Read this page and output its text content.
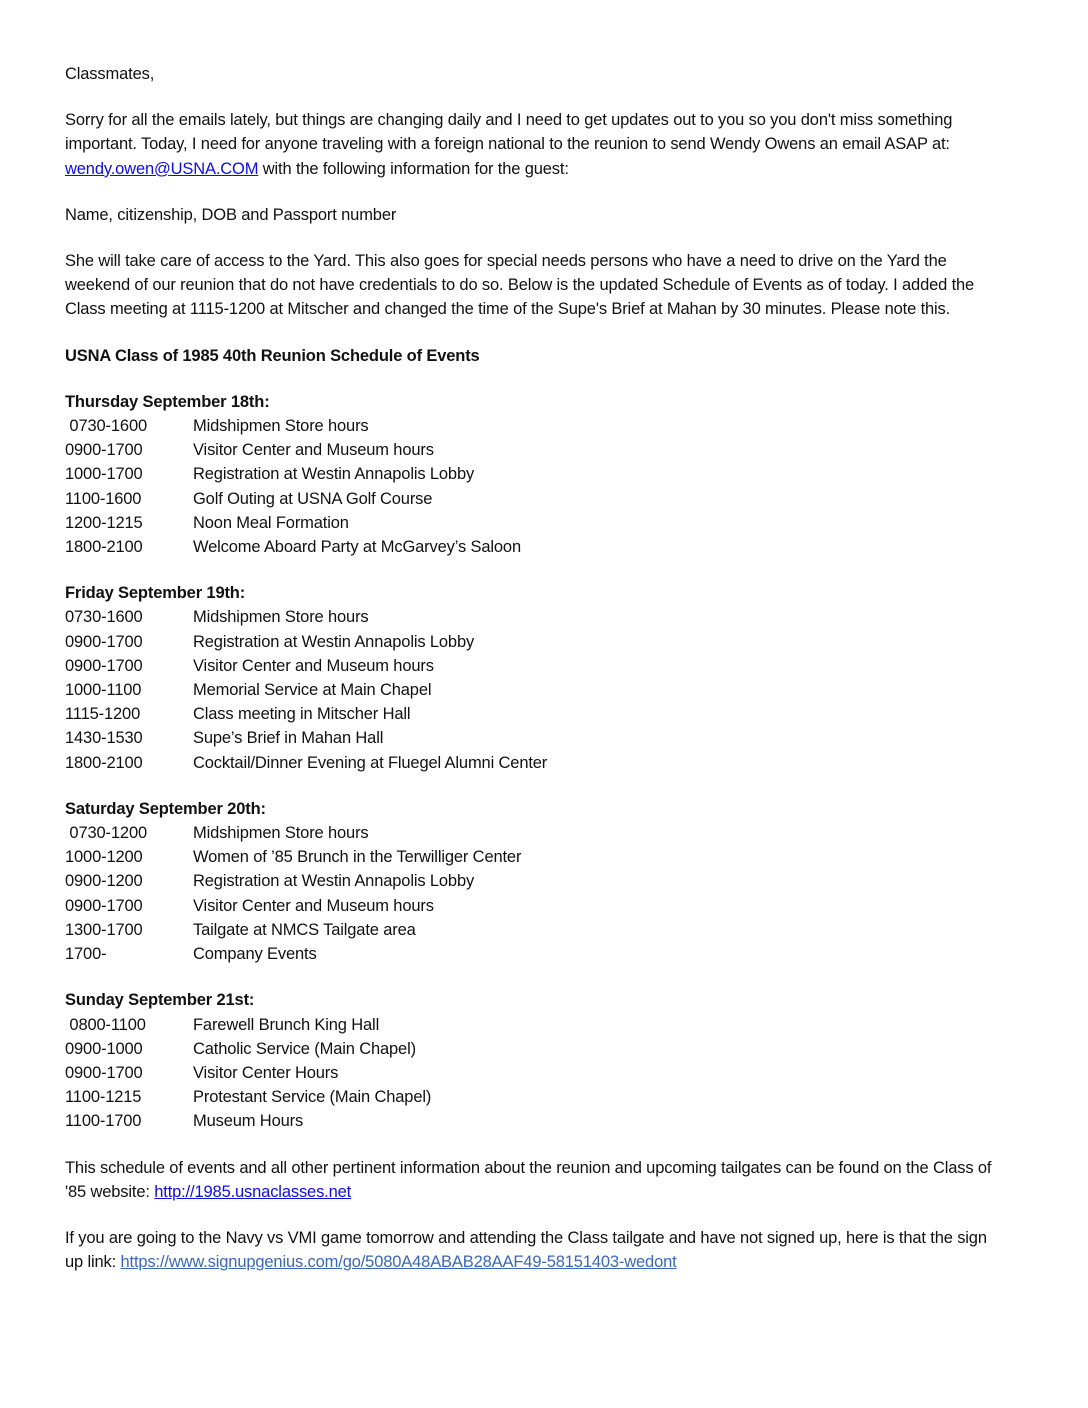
Classmates,

Sorry for all the emails lately, but things are changing daily and I need to get updates out to you so you don't miss something important. Today, I need for anyone traveling with a foreign national to the reunion to send Wendy Owens an email ASAP at: wendy.owen@USNA.COM with the following information for the guest:

Name, citizenship, DOB and Passport number

She will take care of access to the Yard. This also goes for special needs persons who have a need to drive on the Yard the weekend of our reunion that do not have credentials to do so. Below is the updated Schedule of Events as of today. I added the Class meeting at 1115-1200 at Mitscher and changed the time of the Supe's Brief at Mahan by 30 minutes. Please note this.

USNA Class of 1985 40th Reunion Schedule of Events

Thursday September 18th:
0730-1600	Midshipmen Store hours
0900-1700	Visitor Center and Museum hours
1000-1700	Registration at Westin Annapolis Lobby
1100-1600	Golf Outing at USNA Golf Course
1200-1215	Noon Meal Formation
1800-2100	Welcome Aboard Party at McGarvey’s Saloon
Friday September 19th:
0730-1600	Midshipmen Store hours
0900-1700	Registration at Westin Annapolis Lobby
0900-1700	Visitor Center and Museum hours
1000-1100	Memorial Service at Main Chapel
1115-1200	Class meeting in Mitscher Hall
1430-1530	Supe’s Brief in Mahan Hall
1800-2100	Cocktail/Dinner Evening at Fluegel Alumni Center
Saturday September 20th:
0730-1200	Midshipmen Store hours
1000-1200	Women of ’85 Brunch in the Terwilliger Center
0900-1200	Registration at Westin Annapolis Lobby
0900-1700	Visitor Center and Museum hours
1300-1700	Tailgate at NMCS Tailgate area
1700-	Company Events
Sunday September 21st:
0800-1100	Farewell Brunch King Hall
0900-1000	Catholic Service (Main Chapel)
0900-1700	Visitor Center Hours
1100-1215	Protestant Service (Main Chapel)
1100-1700	Museum Hours

This schedule of events and all other pertinent information about the reunion and upcoming tailgates can be found on the Class of '85 website: http://1985.usnaclasses.net

If you are going to the Navy vs VMI game tomorrow and attending the Class tailgate and have not signed up, here is that the sign up link: https://www.signupgenius.com/go/5080A48ABAB28AAF49-58151403-wedont
